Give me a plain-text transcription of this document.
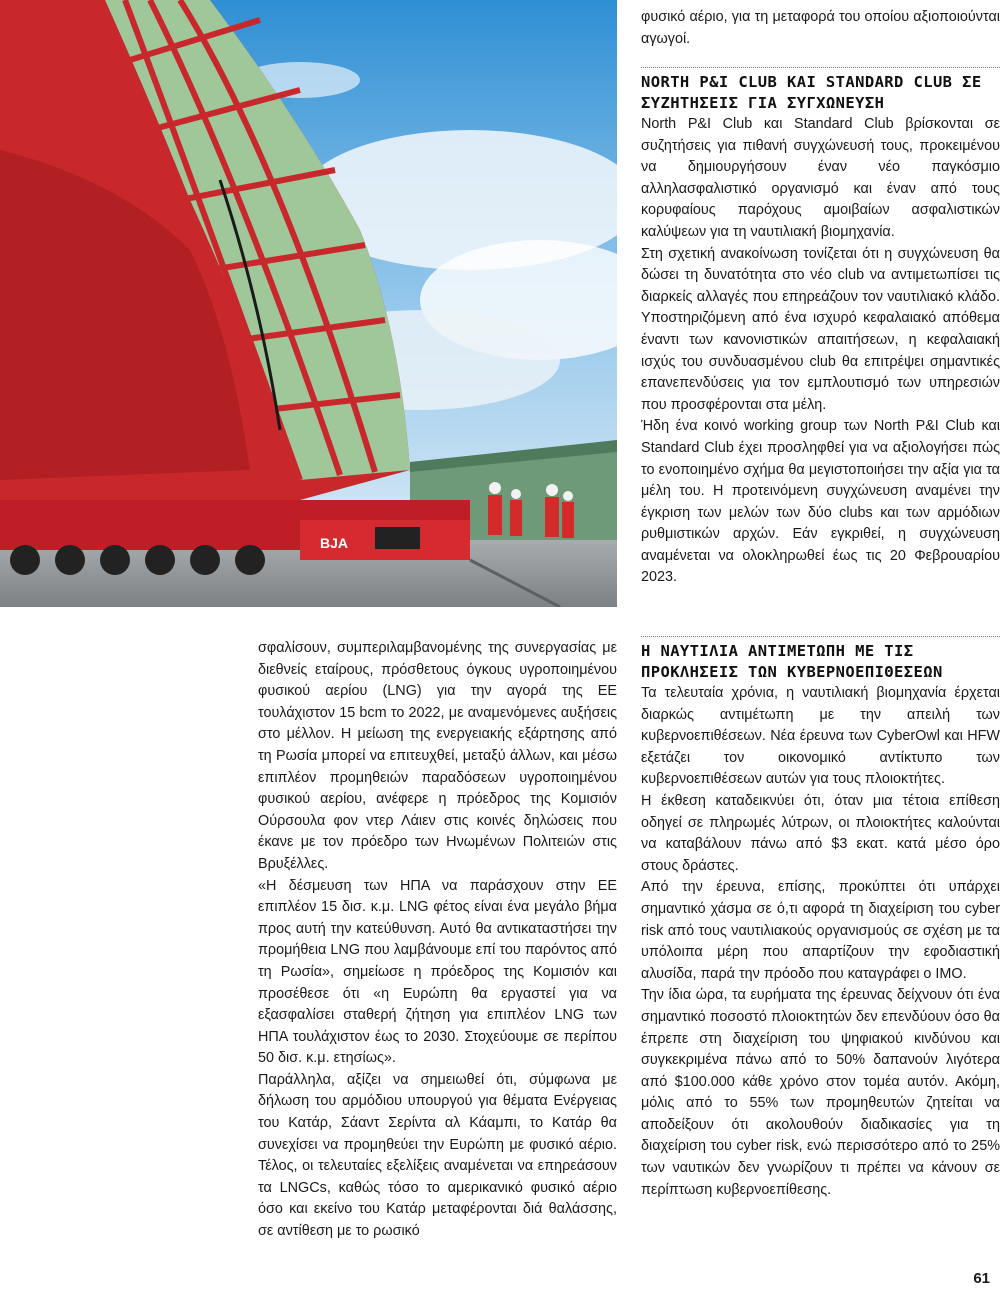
BJA

φυσικό αέριο, για τη μεταφορά του οποίου αξιοποιούνται αγωγοί.

NORTH P&I CLUB ΚΑΙ STANDARD CLUB ΣΕ ΣΥΖΗΤΗΣΕΙΣ ΓΙΑ ΣΥΓΧΩΝΕΥΣΗ

North P&I Club και Standard Club βρίσκονται σε συζητήσεις για πιθανή συγχώνευσή τους, προκειμένου να δημιουργήσουν έναν νέο παγκόσμιο αλληλασφαλιστικό οργανισμό και έναν από τους κορυφαίους παρόχους αμοιβαίων ασφαλιστικών καλύψεων για τη ναυτιλιακή βιομηχανία.

Στη σχετική ανακοίνωση τονίζεται ότι η συγχώνευση θα δώσει τη δυνατότητα στο νέο club να αντιμετωπίσει τις διαρκείς αλλαγές που επηρεάζουν τον ναυτιλιακό κλάδο. Υποστηριζόμενη από ένα ισχυρό κεφαλαιακό απόθεμα έναντι των κανονιστικών απαιτήσεων, η κεφαλαιακή ισχύς του συνδυασμένου club θα επιτρέψει σημαντικές επανεπενδύσεις για τον εμπλουτισμό των υπηρεσιών που προσφέρονται στα μέλη.

Ήδη ένα κοινό working group των North P&I Club και Standard Club έχει προσληφθεί για να αξιολογήσει πώς το ενοποιημένο σχήμα θα μεγιστοποιήσει την αξία για τα μέλη του. Η προτεινόμενη συγχώνευση αναμένει την έγκριση των μελών των δύο clubs και των αρμόδιων ρυθμιστικών αρχών. Εάν εγκριθεί, η συγχώνευση αναμένεται να ολοκληρωθεί έως τις 20 Φεβρουαρίου 2023.

Η ΝΑΥΤΙΛΙΑ ΑΝΤΙΜΕΤΩΠΗ ΜΕ ΤΙΣ ΠΡΟΚΛΗΣΕΙΣ ΤΩΝ ΚΥΒΕΡΝΟΕΠΙΘΕΣΕΩΝ

Τα τελευταία χρόνια, η ναυτιλιακή βιομηχανία έρχεται διαρκώς αντιμέτωπη με την απειλή των κυβερνοεπιθέσεων. Νέα έρευνα των CyberOwl και HFW εξετάζει τον οικονομικό αντίκτυπο των κυβερνοεπιθέσεων αυτών για τους πλοιοκτήτες.

Η έκθεση καταδεικνύει ότι, όταν μια τέτοια επίθεση οδηγεί σε πληρωμές λύτρων, οι πλοιοκτήτες καλούνται να καταβάλουν πάνω από $3 εκατ. κατά μέσο όρο στους δράστες.

Από την έρευνα, επίσης, προκύπτει ότι υπάρχει σημαντικό χάσμα σε ό,τι αφορά τη διαχείριση του cyber risk από τους ναυτιλιακούς οργανισμούς σε σχέση με τα υπόλοιπα μέρη που απαρτίζουν την εφοδιαστική αλυσίδα, παρά την πρόοδο που καταγράφει ο ΙΜΟ.

Την ίδια ώρα, τα ευρήματα της έρευνας δείχνουν ότι ένα σημαντικό ποσοστό πλοιοκτητών δεν επενδύουν όσο θα έπρεπε στη διαχείριση του ψηφιακού κινδύνου και συγκεκριμένα πάνω από το 50% δαπανούν λιγότερα από $100.000 κάθε χρόνο στον τομέα αυτόν. Ακόμη, μόλις από το 55% των προμηθευτών ζητείται να αποδείξουν ότι ακολουθούν διαδικασίες για τη διαχείριση του cyber risk, ενώ περισσότερο από το 25% των ναυτικών δεν γνωρίζουν τι πρέπει να κάνουν σε περίπτωση κυβερνοεπίθεσης.

σφαλίσουν, συμπεριλαμβανομένης της συνεργασίας με διεθνείς εταίρους, πρόσθετους όγκους υγροποιημένου φυσικού αερίου (LNG) για την αγορά της ΕΕ τουλάχιστον 15 bcm το 2022, με αναμενόμενες αυξήσεις στο μέλλον. Η μείωση της ενεργειακής εξάρτησης από τη Ρωσία μπορεί να επιτευχθεί, μεταξύ άλλων, και μέσω επιπλέον προμηθειών παραδόσεων υγροποιημένου φυσικού αερίου, ανέφερε η πρόεδρος της Κομισιόν Ούρσουλα φον ντερ Λάιεν στις κοινές δηλώσεις που έκανε με τον πρόεδρο των Ηνωμένων Πολιτειών στις Βρυξέλλες.

«Η δέσμευση των ΗΠΑ να παράσχουν στην ΕΕ επιπλέον 15 δισ. κ.μ. LNG φέτος είναι ένα μεγάλο βήμα προς αυτή την κατεύθυνση. Αυτό θα αντικαταστήσει την προμήθεια LNG που λαμβάνουμε επί του παρόντος από τη Ρωσία», σημείωσε η πρόεδρος της Κομισιόν και προσέθεσε ότι «η Ευρώπη θα εργαστεί για να εξασφαλίσει σταθερή ζήτηση για επιπλέον LNG των ΗΠΑ τουλάχιστον έως το 2030. Στοχεύουμε σε περίπου 50 δισ. κ.μ. ετησίως».

Παράλληλα, αξίζει να σημειωθεί ότι, σύμφωνα με δήλωση του αρμόδιου υπουργού για θέματα Ενέργειας του Κατάρ, Σάαντ Σερίντα αλ Κάαμπι, το Κατάρ θα συνεχίσει να προμηθεύει την Ευρώπη με φυσικό αέριο. Τέλος, οι τελευταίες εξελίξεις αναμένεται να επηρεάσουν τα LNGCs, καθώς τόσο το αμερικανικό φυσικό αέριο όσο και εκείνο του Κατάρ μεταφέρονται διά θαλάσσης, σε αντίθεση με το ρωσικό

61
